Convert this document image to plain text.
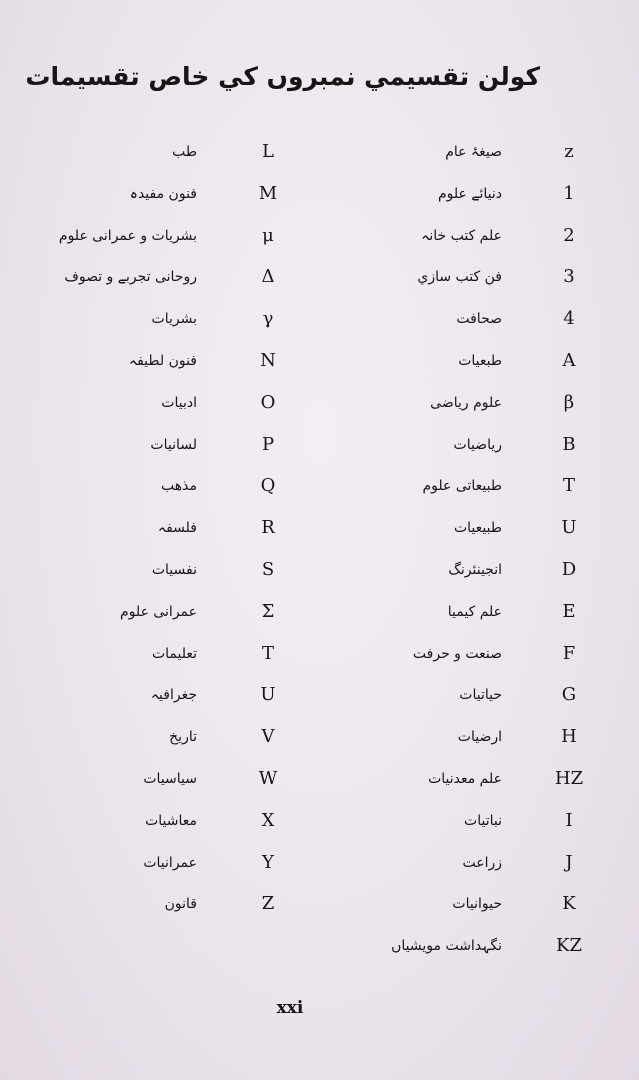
کولن تقسیمي نمبروں کي خاص تقسیمات
z
صیغۂ عام
L
طب
1
دنیائے علوم
M
فنون مفیدہ
2
علم کتب خانہ
μ
بشریات و عمرانی علوم
3
فن کتب سازي
Δ
روحانی تجربے و تصوف
4
صحافت
γ
بشریات
A
طبعیات
N
فنون لطیفہ
β
علوم ریاضی
O
ادبیات
B
ریاضیات
P
لسانیات
T
طبیعاتی علوم
Q
مذھب
U
طبیعیات
R
فلسفہ
D
انجینئرنگ
S
نفسیات
E
علم کیمیا
Σ
عمرانی علوم
F
صنعت و حرفت
T
تعلیمات
G
حیاتیات
U
جغرافیہ
H
ارضیات
V
تاریخ
HZ
علم معدنیات
W
سیاسیات
I
نباتیات
X
معاشیات
J
زراعت
Y
عمرانیات
K
حیوانیات
Z
قانون
KZ
نگہداشت مویشیاں
xxi
